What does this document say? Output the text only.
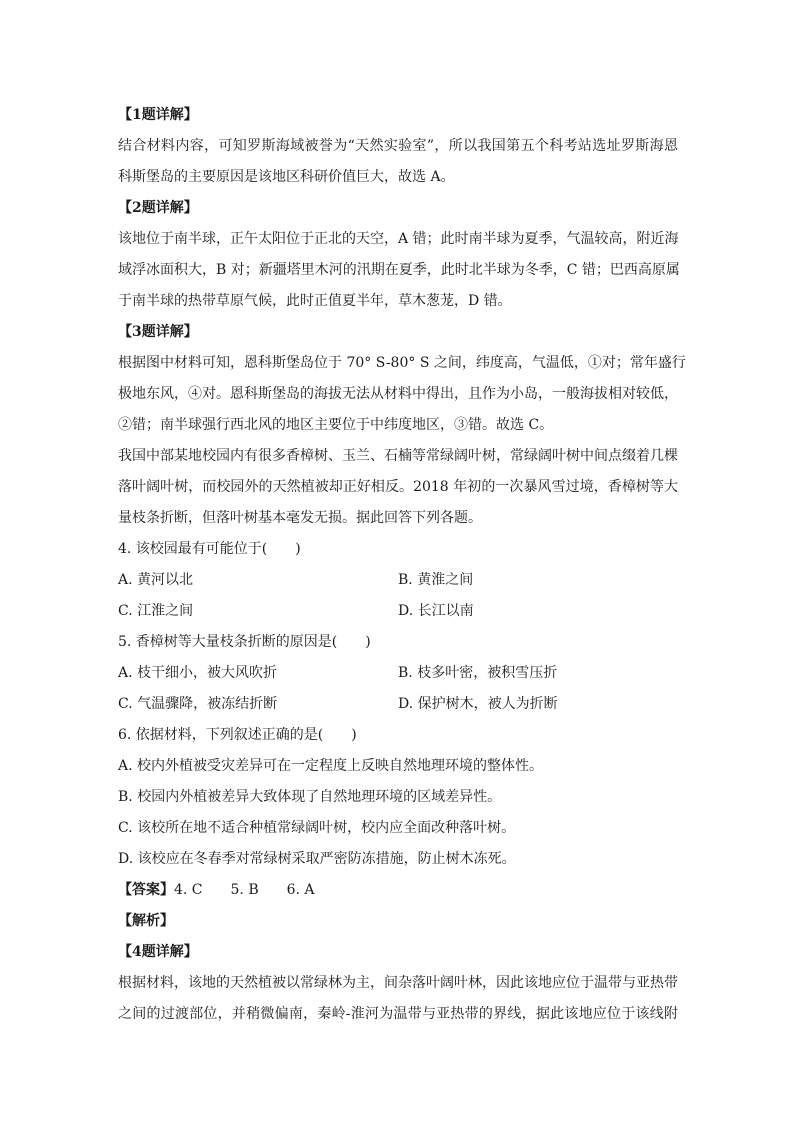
【1题详解】
结合材料内容，可知罗斯海域被誉为“天然实验室”，所以我国第五个科考站选址罗斯海恩
科斯堡岛的主要原因是该地区科研价值巨大，故选 A。
【2题详解】
该地位于南半球，正午太阳位于正北的天空，A 错；此时南半球为夏季，气温较高，附近海
域浮冰面积大，B 对；新疆塔里木河的汛期在夏季，此时北半球为冬季，C 错；巴西高原属
于南半球的热带草原气候，此时正值夏半年，草木葱茏，D 错。
【3题详解】
根据图中材料可知，恩科斯堡岛位于 70° S-80° S 之间，纬度高，气温低，①对；常年盛行
极地东风，④对。恩科斯堡岛的海拔无法从材料中得出，且作为小岛，一般海拔相对较低，
②错；南半球强行西北风的地区主要位于中纬度地区，③错。故选 C。
我国中部某地校园内有很多香樟树、玉兰、石楠等常绿阔叶树，常绿阔叶树中间点缀着几棵
落叶阔叶树，而校园外的天然植被却正好相反。2018 年初的一次暴风雪过境，香樟树等大
量枝条折断，但落叶树基本毫发无损。据此回答下列各题。
4. 该校园最有可能位于(　　)
A. 黄河以北	B. 黄淮之间
C. 江淮之间	D. 长江以南
5. 香樟树等大量枝条折断的原因是(　　)
A. 枝干细小，被大风吹折	B. 枝多叶密，被积雪压折
C. 气温骤降，被冻结折断	D. 保护树木，被人为折断
6. 依据材料，下列叙述正确的是(　　)
A. 校内外植被受灾差异可在一定程度上反映自然地理环境的整体性。
B. 校园内外植被差异大致体现了自然地理环境的区域差异性。
C. 该校所在地不适合种植常绿阔叶树，校内应全面改种落叶树。
D. 该校应在冬春季对常绿树采取严密防冻措施，防止树木冻死。
【答案】4. C　　5. B　　6. A
【解析】
【4题详解】
根据材料，该地的天然植被以常绿林为主，间杂落叶阔叶林，因此该地应位于温带与亚热带
之间的过渡部位，并稍微偏南，秦岭-淮河为温带与亚热带的界线，据此该地应位于该线附
